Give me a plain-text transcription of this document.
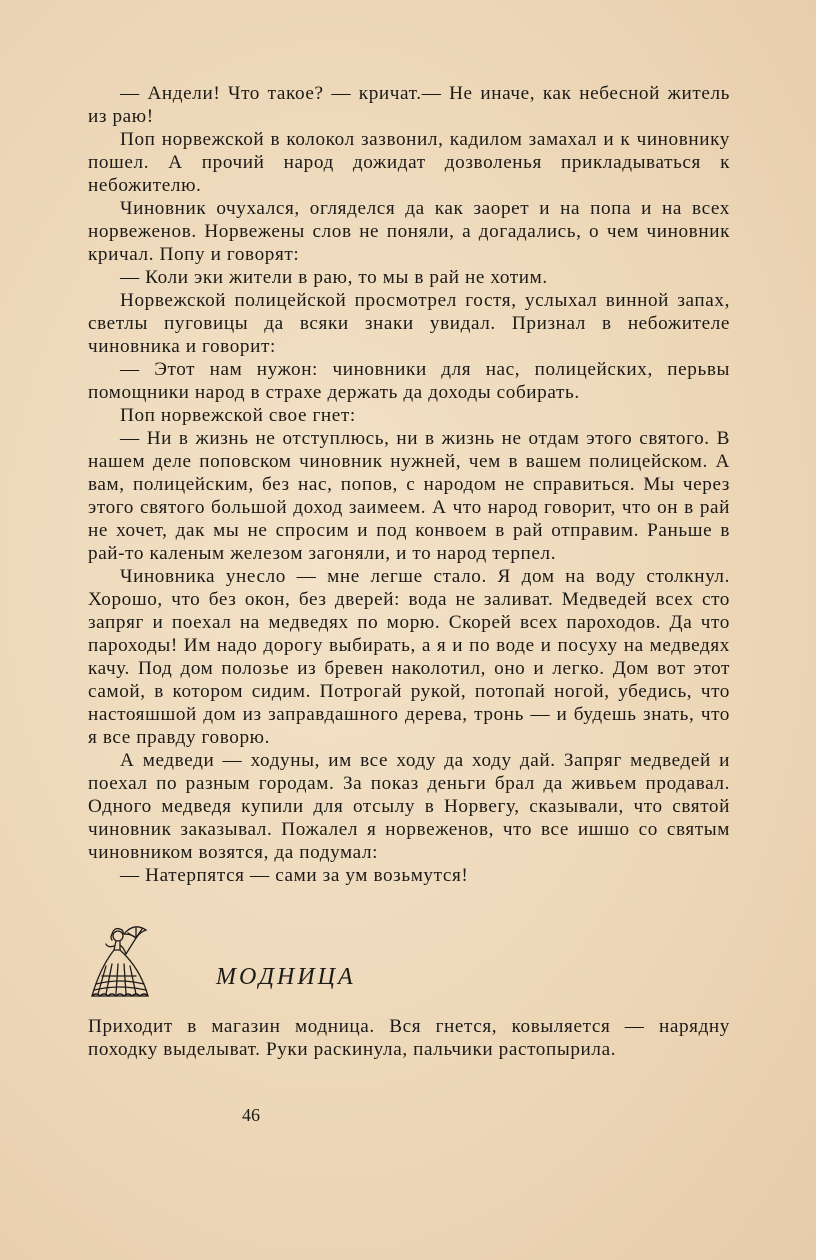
— Андели! Что такое? — кричат.— Не иначе, как небесной житель из раю!

Поп норвежской в колокол зазвонил, кадилом замахал и к чиновнику пошел. А прочий народ дожидат дозволенья прикладываться к небожителю.

Чиновник очухался, огляделся да как заорет и на попа и на всех норвеженов. Норвежены слов не поняли, а догадались, о чем чиновник кричал. Попу и говорят:

— Коли эки жители в раю, то мы в рай не хотим.

Норвежской полицейской просмотрел гостя, услыхал винной запах, светлы пуговицы да всяки знаки увидал. Признал в небожителе чиновника и говорит:

— Этот нам нужон: чиновники для нас, полицейских, перьвы помощники народ в страхе держать да доходы собирать.

Поп норвежской свое гнет:

— Ни в жизнь не отступлюсь, ни в жизнь не отдам этого святого. В нашем деле поповском чиновник нужней, чем в вашем полицейском. А вам, полицейским, без нас, попов, с народом не справиться. Мы через этого святого большой доход заимеем. А что народ говорит, что он в рай не хочет, дак мы не спросим и под конвоем в рай отправим. Раньше в рай-то каленым железом загоняли, и то народ терпел.

Чиновника унесло — мне легше стало. Я дом на воду столкнул. Хорошо, что без окон, без дверей: вода не заливат. Медведей всех сто запряг и поехал на медведях по морю. Скорей всех пароходов. Да что пароходы! Им надо дорогу выбирать, а я и по воде и посуху на медведях качу. Под дом полозье из бревен наколотил, оно и легко. Дом вот этот самой, в котором сидим. Потрогай рукой, потопай ногой, убедись, что настояшшой дом из заправдашного дерева, тронь — и будешь знать, что я все правду говорю.

А медведи — ходуны, им все ходу да ходу дай. Запряг медведей и поехал по разным городам. За показ деньги брал да живьем продавал. Одного медведя купили для отсылу в Норвегу, сказывали, что святой чиновник заказывал. Пожалел я норвеженов, что все ишшо со святым чиновником возятся, да подумал:

— Натерпятся — сами за ум возьмутся!

МОДНИЦА

Приходит в магазин модница. Вся гнется, ковыляется — нарядну походку выделыват. Руки раскинула, пальчики растопырила.

46
